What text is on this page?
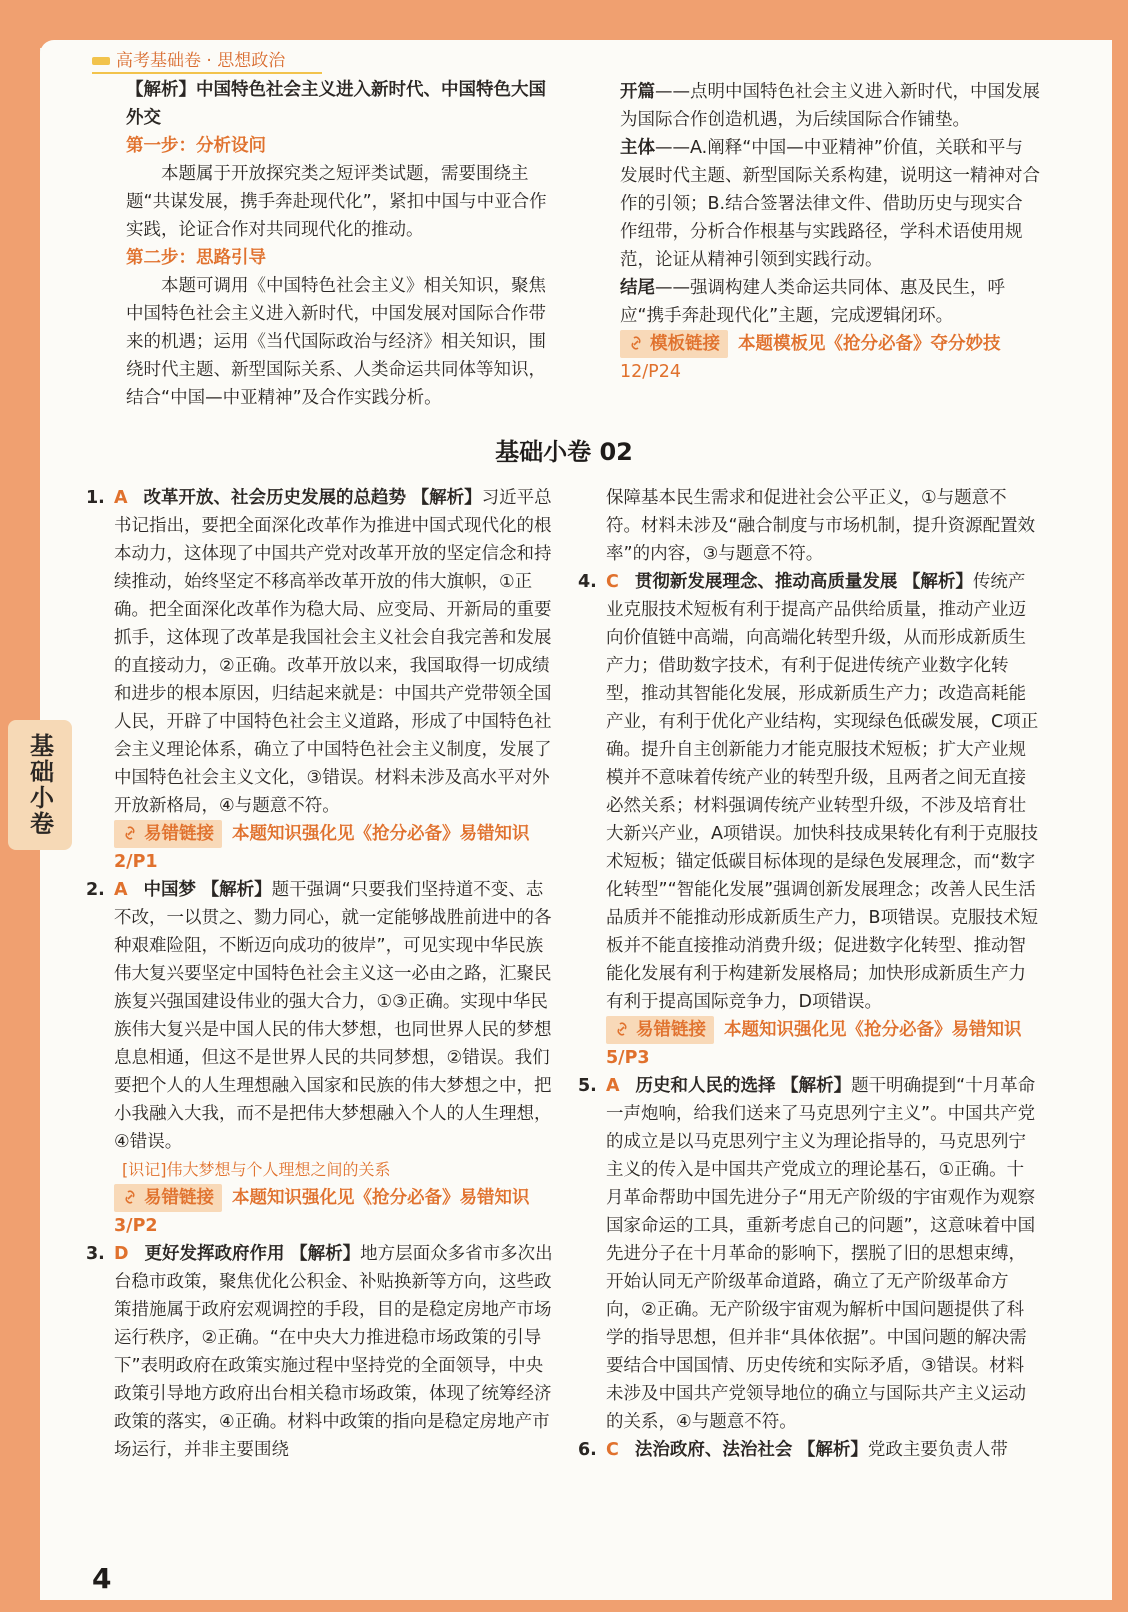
高考基础卷 · 思想政治

【解析】中国特色社会主义进入新时代、中国特色大国外交

第一步：分析设问

本题属于开放探究类之短评类试题，需要围绕主题“共谋发展，携手奔赴现代化”，紧扣中国与中亚合作实践，论证合作对共同现代化的推动。

第二步：思路引导

本题可调用《中国特色社会主义》相关知识，聚焦中国特色社会主义进入新时代，中国发展对国际合作带来的机遇；运用《当代国际政治与经济》相关知识，围绕时代主题、新型国际关系、人类命运共同体等知识，结合“中国—中亚精神”及合作实践分析。

开篇——点明中国特色社会主义进入新时代，中国发展为国际合作创造机遇，为后续国际合作铺垫。

主体——A.阐释“中国—中亚精神”价值，关联和平与发展时代主题、新型国际关系构建，说明这一精神对合作的引领；B.结合签署法律文件、借助历史与现实合作纽带，分析合作根基与实践路径，学科术语使用规范，论证从精神引领到实践行动。

结尾——强调构建人类命运共同体、惠及民生，呼应“携手奔赴现代化”主题，完成逻辑闭环。

模板链接 本题模板见《抢分必备》夺分妙技

12/P24

基础小卷 02
基础小卷

1. A 改革开放、社会历史发展的总趋势 【解析】习近平总书记指出，要把全面深化改革作为推进中国式现代化的根本动力，这体现了中国共产党对改革开放的坚定信念和持续推动，始终坚定不移高举改革开放的伟大旗帜，①正确。把全面深化改革作为稳大局、应变局、开新局的重要抓手，这体现了改革是我国社会主义社会自我完善和发展的直接动力，②正确。改革开放以来，我国取得一切成绩和进步的根本原因，归结起来就是：中国共产党带领全国人民，开辟了中国特色社会主义道路，形成了中国特色社会主义理论体系，确立了中国特色社会主义制度，发展了中国特色社会主义文化，③错误。材料未涉及高水平对外开放新格局，④与题意不符。

易错链接 本题知识强化见《抢分必备》易错知识 2/P1

2. A 中国梦 【解析】题干强调“只要我们坚持道不变、志不改，一以贯之、勠力同心，就一定能够战胜前进中的各种艰难险阻，不断迈向成功的彼岸”，可见实现中华民族伟大复兴要坚定中国特色社会主义这一必由之路，汇聚民族复兴强国建设伟业的强大合力，①③正确。实现中华民族伟大复兴是中国人民的伟大梦想，也同世界人民的梦想息息相通，但这不是世界人民的共同梦想，②错误。我们要把个人的人生理想融入国家和民族的伟大梦想之中，把小我融入大我，而不是把伟大梦想融入个人的人生理想，④错误。

[识记]伟大梦想与个人理想之间的关系

易错链接 本题知识强化见《抢分必备》易错知识 3/P2

3. D 更好发挥政府作用 【解析】地方层面众多省市多次出台稳市政策，聚焦优化公积金、补贴换新等方向，这些政策措施属于政府宏观调控的手段，目的是稳定房地产市场运行秩序，②正确。“在中央大力推进稳市场政策的引导下”表明政府在政策实施过程中坚持党的全面领导，中央政策引导地方政府出台相关稳市场政策，体现了统筹经济政策的落实，④正确。材料中政策的指向是稳定房地产市场运行，并非主要围绕

保障基本民生需求和促进社会公平正义，①与题意不符。材料未涉及“融合制度与市场机制，提升资源配置效率”的内容，③与题意不符。

4. C 贯彻新发展理念、推动高质量发展 【解析】传统产业克服技术短板有利于提高产品供给质量，推动产业迈向价值链中高端，向高端化转型升级，从而形成新质生产力；借助数字技术，有利于促进传统产业数字化转型，推动其智能化发展，形成新质生产力；改造高耗能产业，有利于优化产业结构，实现绿色低碳发展，C项正确。提升自主创新能力才能克服技术短板；扩大产业规模并不意味着传统产业的转型升级，且两者之间无直接必然关系；材料强调传统产业转型升级，不涉及培育壮大新兴产业，A项错误。加快科技成果转化有利于克服技术短板；锚定低碳目标体现的是绿色发展理念，而“数字化转型”“智能化发展”强调创新发展理念；改善人民生活品质并不能推动形成新质生产力，B项错误。克服技术短板并不能直接推动消费升级；促进数字化转型、推动智能化发展有利于构建新发展格局；加快形成新质生产力有利于提高国际竞争力，D项错误。

易错链接 本题知识强化见《抢分必备》易错知识 5/P3

5. A 历史和人民的选择 【解析】题干明确提到“十月革命一声炮响，给我们送来了马克思列宁主义”。中国共产党的成立是以马克思列宁主义为理论指导的，马克思列宁主义的传入是中国共产党成立的理论基石，①正确。十月革命帮助中国先进分子“用无产阶级的宇宙观作为观察国家命运的工具，重新考虑自己的问题”，这意味着中国先进分子在十月革命的影响下，摆脱了旧的思想束缚，开始认同无产阶级革命道路，确立了无产阶级革命方向，②正确。无产阶级宇宙观为解析中国问题提供了科学的指导思想，但并非“具体依据”。中国问题的解决需要结合中国国情、历史传统和实际矛盾，③错误。材料未涉及中国共产党领导地位的确立与国际共产主义运动的关系，④与题意不符。

6. C 法治政府、法治社会 【解析】党政主要负责人带

4
